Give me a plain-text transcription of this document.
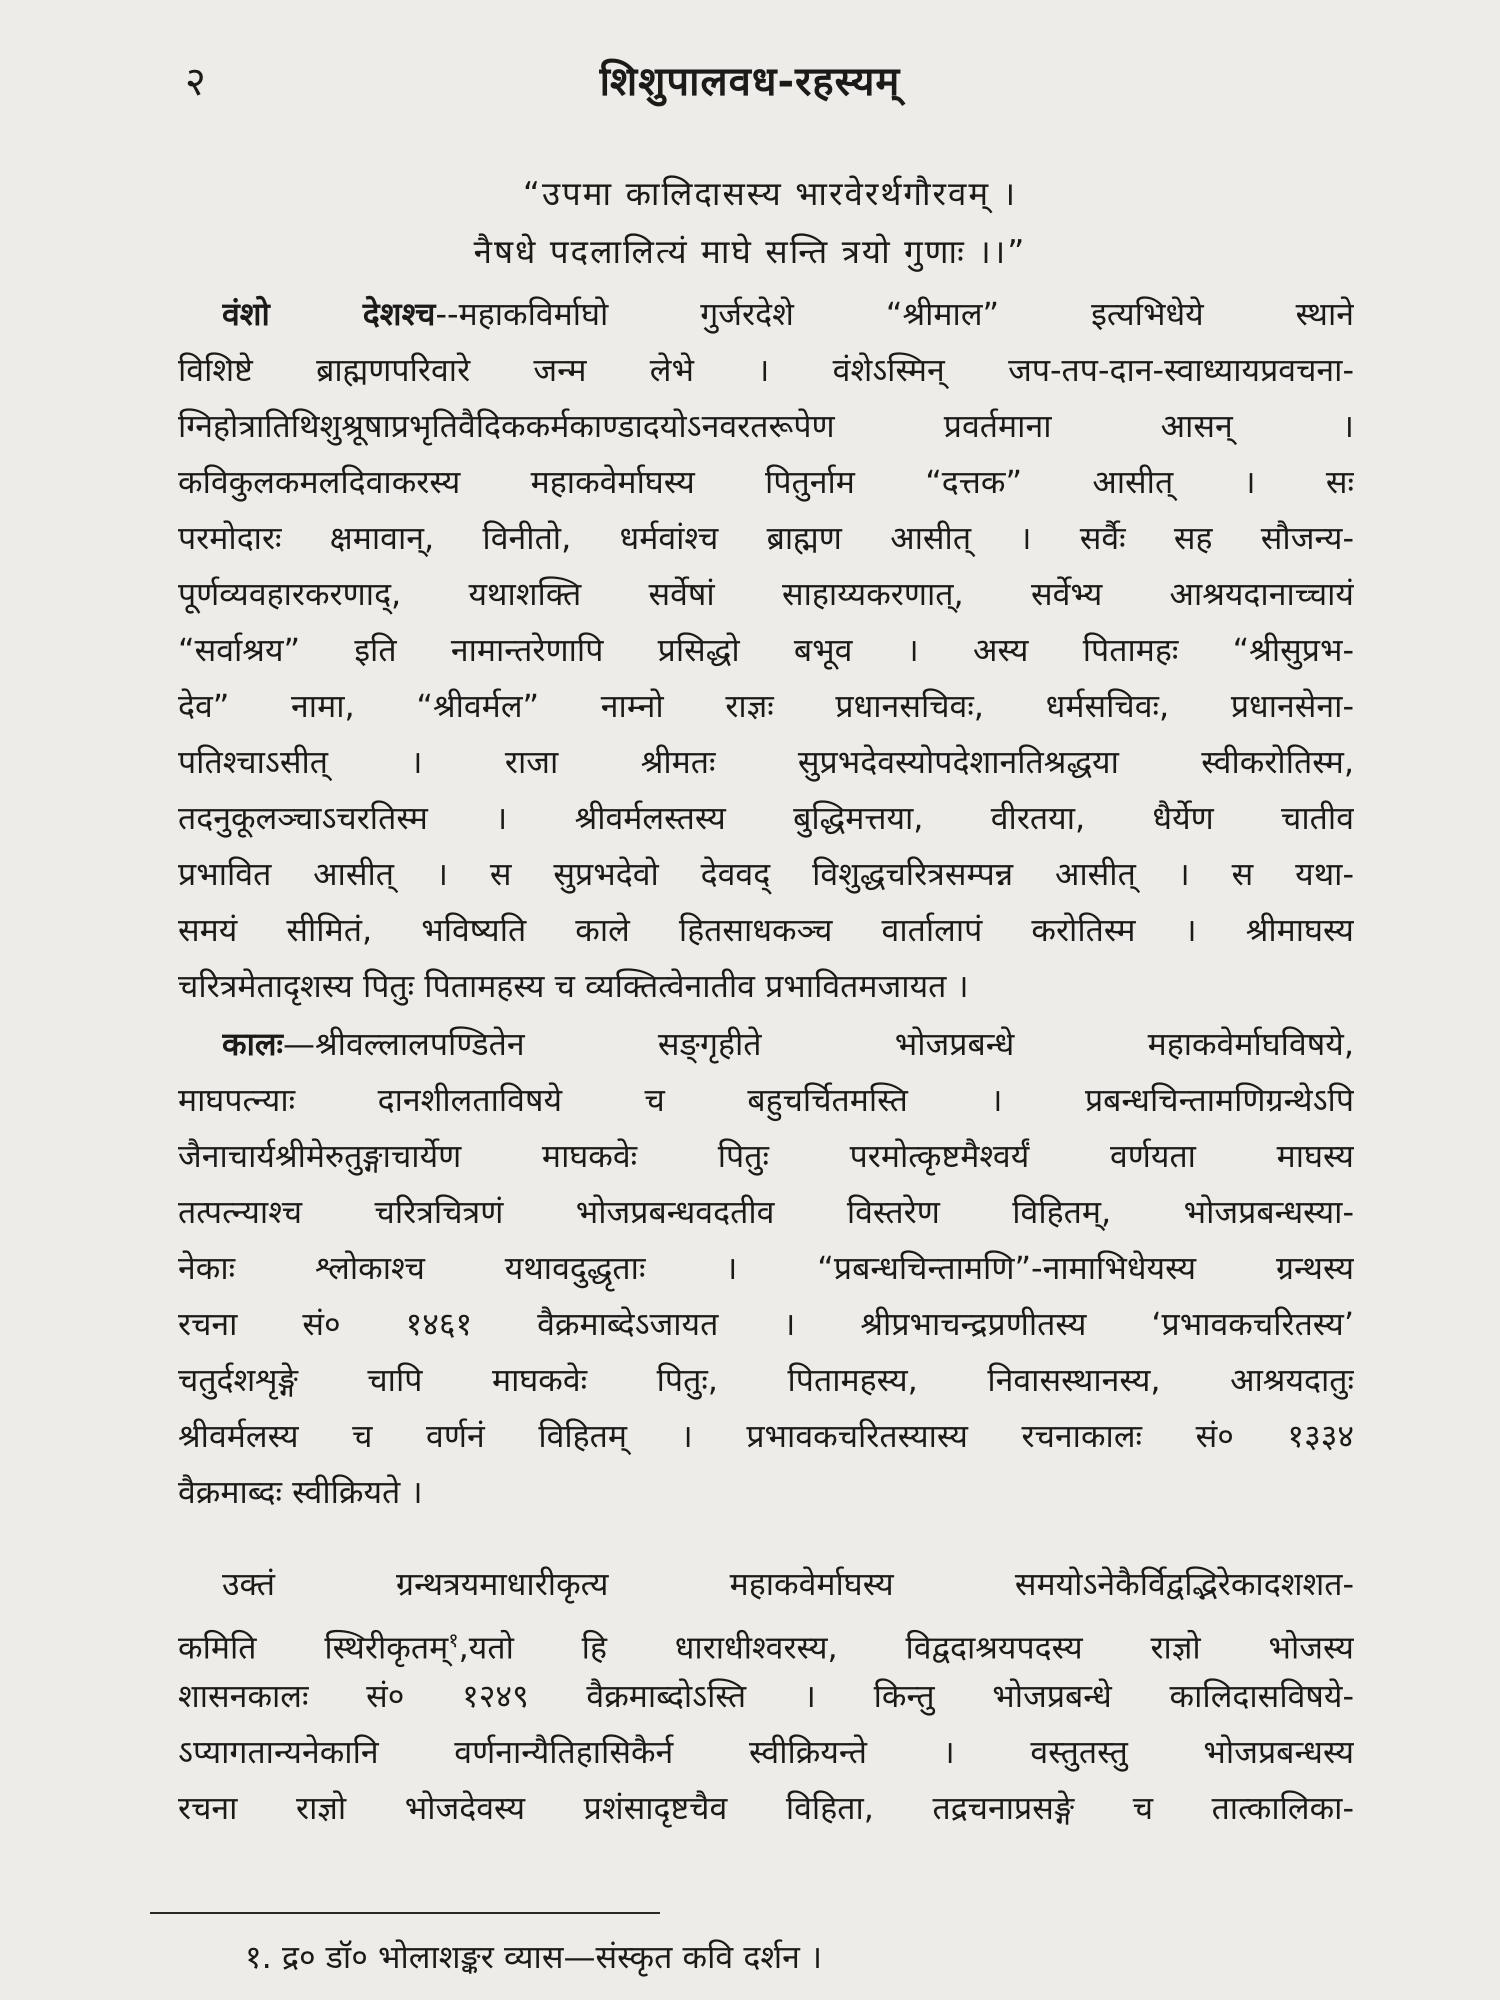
२	शिशुपालवध-रहस्यम्
“उपमा कालिदासस्य भारवेरर्थगौरवम् ।
नैषधे पदलालित्यं माघे सन्ति त्रयो गुणाः ।।”
वंशो देशश्च--महाकविर्माघो गुर्जरदेशे “श्रीमाल” इत्यभिधेये स्थाने
विशिष्टे ब्राह्मणपरिवारे जन्म लेभे । वंशेऽस्मिन् जप-तप-दान-स्वाध्यायप्रवचना-
ग्निहोत्रातिथिशुश्रूषाप्रभृतिवैदिककर्मकाण्डादयोऽनवरतरूपेण प्रवर्तमाना आसन् ।
कविकुलकमलदिवाकरस्य महाकवेर्माघस्य पितुर्नाम “दत्तक” आसीत् । सः
परमोदारः क्षमावान्, विनीतो, धर्मवांश्च ब्राह्मण आसीत् । सर्वैः सह सौजन्य-
पूर्णव्यवहारकरणाद्, यथाशक्ति सर्वेषां साहाय्यकरणात्, सर्वेभ्य आश्रयदानाच्चायं
“सर्वाश्रय” इति नामान्तरेणापि प्रसिद्धो बभूव । अस्य पितामहः “श्रीसुप्रभ-
देव” नामा, “श्रीवर्मल” नाम्नो राज्ञः प्रधानसचिवः, धर्मसचिवः, प्रधानसेना-
पतिश्चाऽसीत् । राजा श्रीमतः सुप्रभदेवस्योपदेशानतिश्रद्धया स्वीकरोतिस्म,
तदनुकूलञ्चाऽचरतिस्म । श्रीवर्मलस्तस्य बुद्धिमत्तया, वीरतया, धैर्येण चातीव
प्रभावित आसीत् । स सुप्रभदेवो देववद् विशुद्धचरित्रसम्पन्न आसीत् । स यथा-
समयं सीमितं, भविष्यति काले हितसाधकञ्च वार्तालापं करोतिस्म । श्रीमाघस्य
चरित्रमेतादृशस्य पितुः पितामहस्य च व्यक्तित्वेनातीव प्रभावितमजायत ।
कालः—श्रीवल्लालपण्डितेन सङ्गृहीते भोजप्रबन्धे महाकवेर्माघविषये,
माघपत्न्याः दानशीलताविषये च बहुचर्चितमस्ति । प्रबन्धचिन्तामणिग्रन्थेऽपि
जैनाचार्यश्रीमेरुतुङ्गाचार्येण माघकवेः पितुः परमोत्कृष्टमैश्वर्यं वर्णयता माघस्य
तत्पत्न्याश्च चरित्रचित्रणं भोजप्रबन्धवदतीव विस्तरेण विहितम्, भोजप्रबन्धस्या-
नेकाः श्लोकाश्च यथावदुद्धृताः । “प्रबन्धचिन्तामणि”-नामाभिधेयस्य ग्रन्थस्य
रचना सं० १४६१ वैक्रमाब्देऽजायत । श्रीप्रभाचन्द्रप्रणीतस्य ‘प्रभावकचरितस्य’
चतुर्दशशृङ्गे चापि माघकवेः पितुः, पितामहस्य, निवासस्थानस्य, आश्रयदातुः
श्रीवर्मलस्य च वर्णनं विहितम् । प्रभावकचरितस्यास्य रचनाकालः सं० १३३४
वैक्रमाब्दः स्वीक्रियते ।
उक्तं ग्रन्थत्रयमाधारीकृत्य महाकवेर्माघस्य समयोऽनेकैर्विद्वद्भिरेकादशशत-
कमिति स्थिरीकृतम्$^१$,यतो हि धाराधीश्वरस्य, विद्वदाश्रयपदस्य राज्ञो भोजस्य
शासनकालः सं० १२४९ वैक्रमाब्दोऽस्ति । किन्तु भोजप्रबन्धे कालिदासविषये-
ऽप्यागतान्यनेकानि वर्णनान्यैतिहासिकैर्न स्वीक्रियन्ते । वस्तुतस्तु भोजप्रबन्धस्य
रचना राज्ञो भोजदेवस्य प्रशंसादृष्टचैव विहिता, तद्रचनाप्रसङ्गे च तात्कालिका-
१. द्र० डॉ० भोलाशङ्कर व्यास—संस्कृत कवि दर्शन ।
